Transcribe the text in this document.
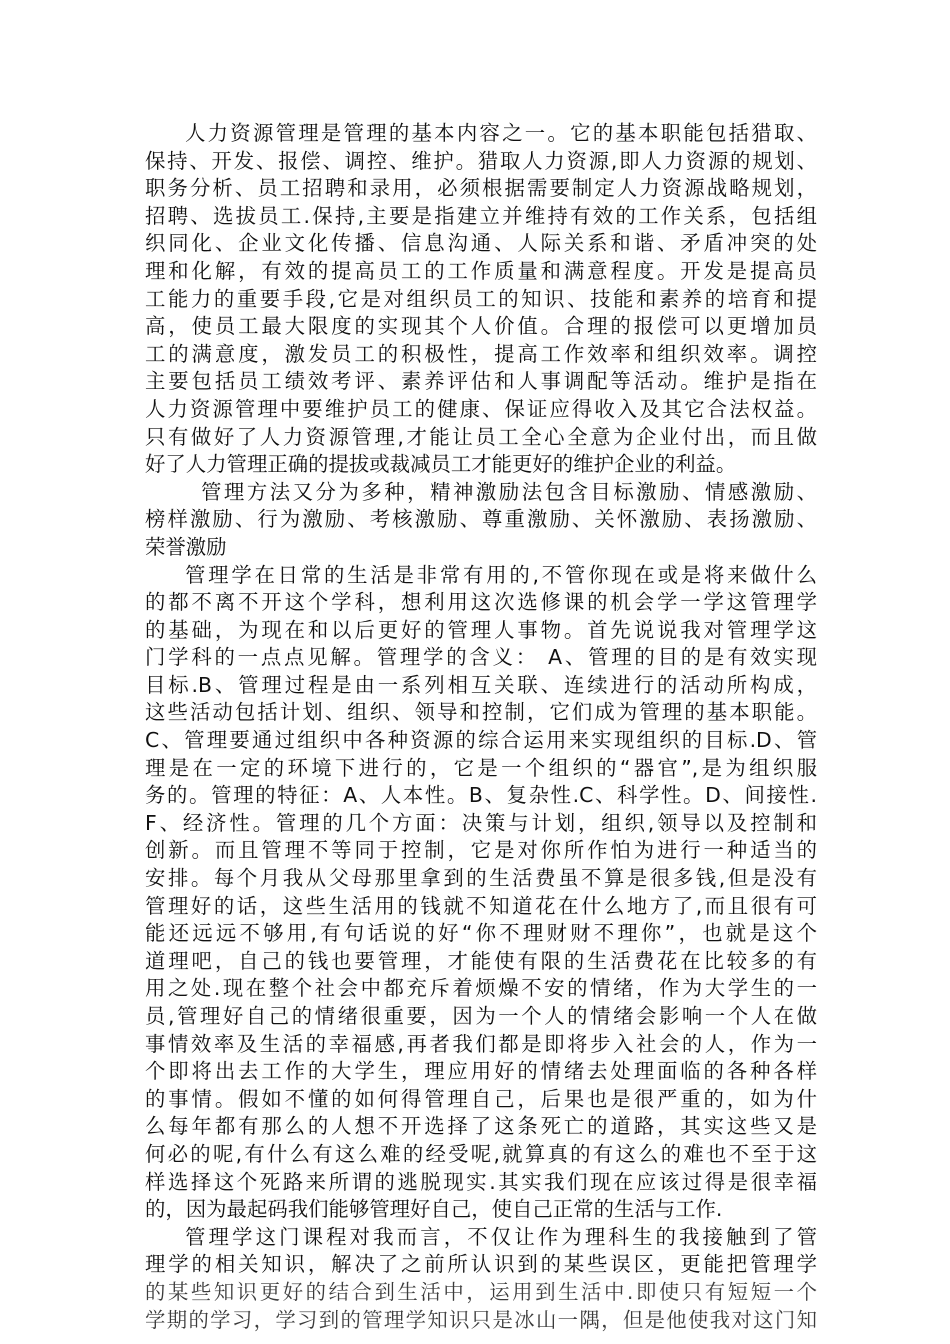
人力资源管理是管理的基本内容之一。它的基本职能包括猎取、
保持、开发、报偿、调控、维护。猎取人力资源,即人力资源的规划、
职务分析、员工招聘和录用，必须根据需要制定人力资源战略规划，
招聘、选拔员工.保持,主要是指建立并维持有效的工作关系，包括组
织同化、企业文化传播、信息沟通、人际关系和谐、矛盾冲突的处
理和化解，有效的提高员工的工作质量和满意程度。开发是提高员
工能力的重要手段,它是对组织员工的知识、技能和素养的培育和提
高，使员工最大限度的实现其个人价值。合理的报偿可以更增加员
工的满意度，激发员工的积极性，提高工作效率和组织效率。调控
主要包括员工绩效考评、素养评估和人事调配等活动。维护是指在
人力资源管理中要维护员工的健康、保证应得收入及其它合法权益。
只有做好了人力资源管理,才能让员工全心全意为企业付出，而且做
好了人力管理正确的提拔或裁减员工才能更好的维护企业的利益。
管理方法又分为多种，精神激励法包含目标激励、情感激励、
榜样激励、行为激励、考核激励、尊重激励、关怀激励、表扬激励、
荣誉激励
管理学在日常的生活是非常有用的,不管你现在或是将来做什么
的都不离不开这个学科，想利用这次选修课的机会学一学这管理学
的基础，为现在和以后更好的管理人事物。首先说说我对管理学这
门学科的一点点见解。管理学的含义： A、管理的目的是有效实现
目标.B、管理过程是由一系列相互关联、连续进行的活动所构成，
这些活动包括计划、组织、领导和控制，它们成为管理的基本职能。
C、管理要通过组织中各种资源的综合运用来实现组织的目标.D、管
理是在一定的环境下进行的，它是一个组织的“器官”,是为组织服
务的。管理的特征：A、人本性。B、复杂性.C、科学性。D、间接性.
F、经济性。管理的几个方面：决策与计划，组织,领导以及控制和
创新。而且管理不等同于控制，它是对你所作怕为进行一种适当的
安排。每个月我从父母那里拿到的生活费虽不算是很多钱,但是没有
管理好的话，这些生活用的钱就不知道花在什么地方了,而且很有可
能还远远不够用,有句话说的好“你不理财财不理你”，也就是这个
道理吧，自己的钱也要管理，才能使有限的生活费花在比较多的有
用之处.现在整个社会中都充斥着烦燥不安的情绪，作为大学生的一
员,管理好自己的情绪很重要，因为一个人的情绪会影响一个人在做
事情效率及生活的幸福感,再者我们都是即将步入社会的人，作为一
个即将出去工作的大学生，理应用好的情绪去处理面临的各种各样
的事情。假如不懂的如何得管理自己，后果也是很严重的，如为什
么每年都有那么的人想不开选择了这条死亡的道路，其实这些又是
何必的呢,有什么有这么难的经受呢,就算真的有这么的难也不至于这
样选择这个死路来所谓的逃脱现实.其实我们现在应该过得是很幸福
的，因为最起码我们能够管理好自己，使自己正常的生活与工作.
管理学这门课程对我而言，不仅让作为理科生的我接触到了管
理学的相关知识，解决了之前所认识到的某些误区，更能把管理学
的某些知识更好的结合到生活中，运用到生活中.即使只有短短一个
学期的学习，学习到的管理学知识只是冰山一隅，但是他使我对这门知
